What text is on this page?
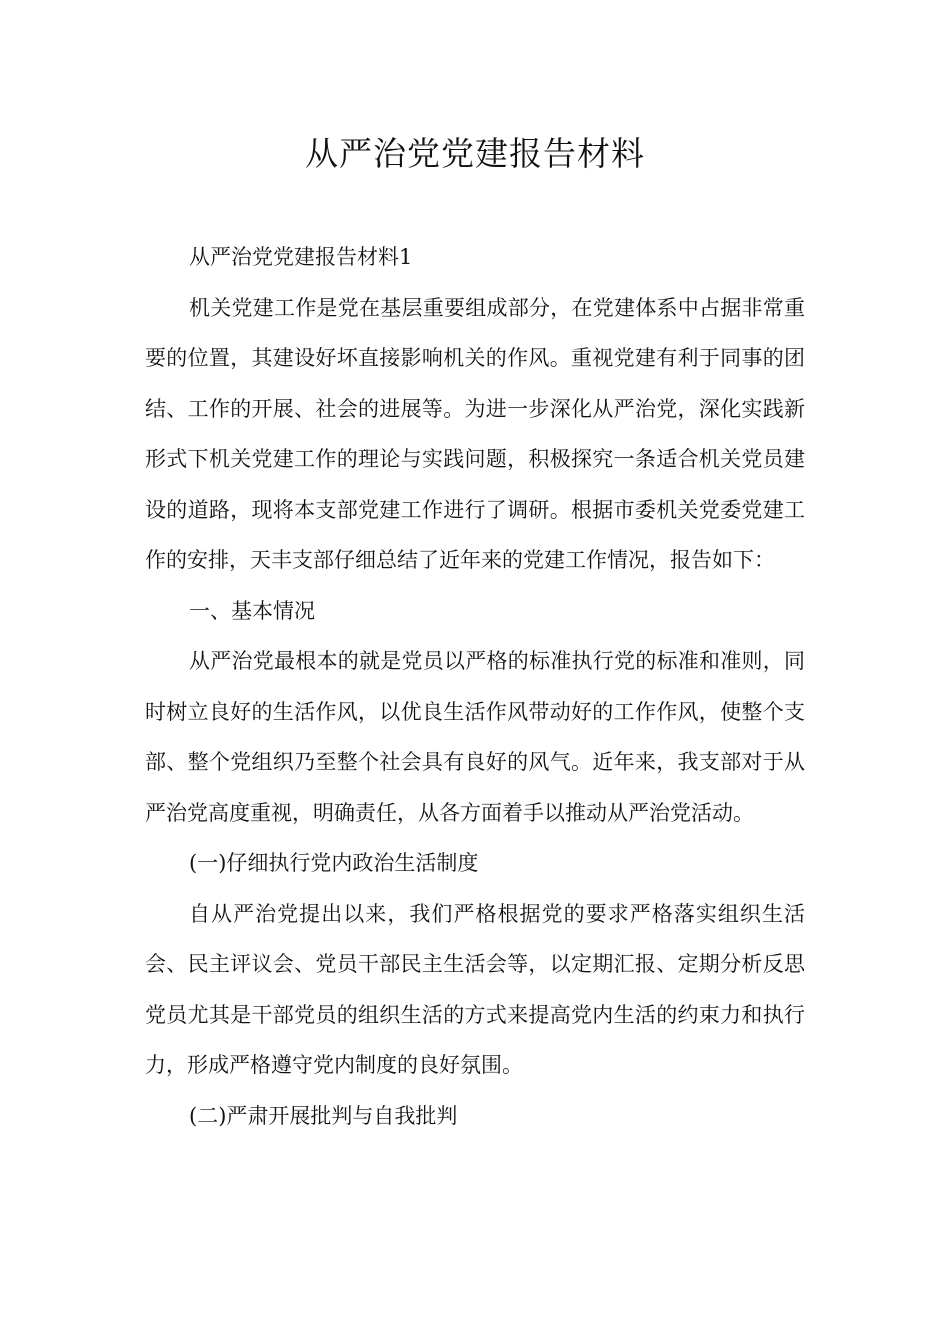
从严治党党建报告材料

从严治党党建报告材料1

机关党建工作是党在基层重要组成部分，在党建体系中占据非常重要的位置，其建设好坏直接影响机关的作风。重视党建有利于同事的团结、工作的开展、社会的进展等。为进一步深化从严治党，深化实践新形式下机关党建工作的理论与实践问题，积极探究一条适合机关党员建设的道路，现将本支部党建工作进行了调研。根据市委机关党委党建工作的安排，天丰支部仔细总结了近年来的党建工作情况，报告如下：

一、基本情况

从严治党最根本的就是党员以严格的标准执行党的标准和准则，同时树立良好的生活作风，以优良生活作风带动好的工作作风，使整个支部、整个党组织乃至整个社会具有良好的风气。近年来，我支部对于从严治党高度重视，明确责任，从各方面着手以推动从严治党活动。

(一)仔细执行党内政治生活制度

自从严治党提出以来，我们严格根据党的要求严格落实组织生活会、民主评议会、党员干部民主生活会等，以定期汇报、定期分析反思党员尤其是干部党员的组织生活的方式来提高党内生活的约束力和执行力，形成严格遵守党内制度的良好氛围。

(二)严肃开展批判与自我批判
